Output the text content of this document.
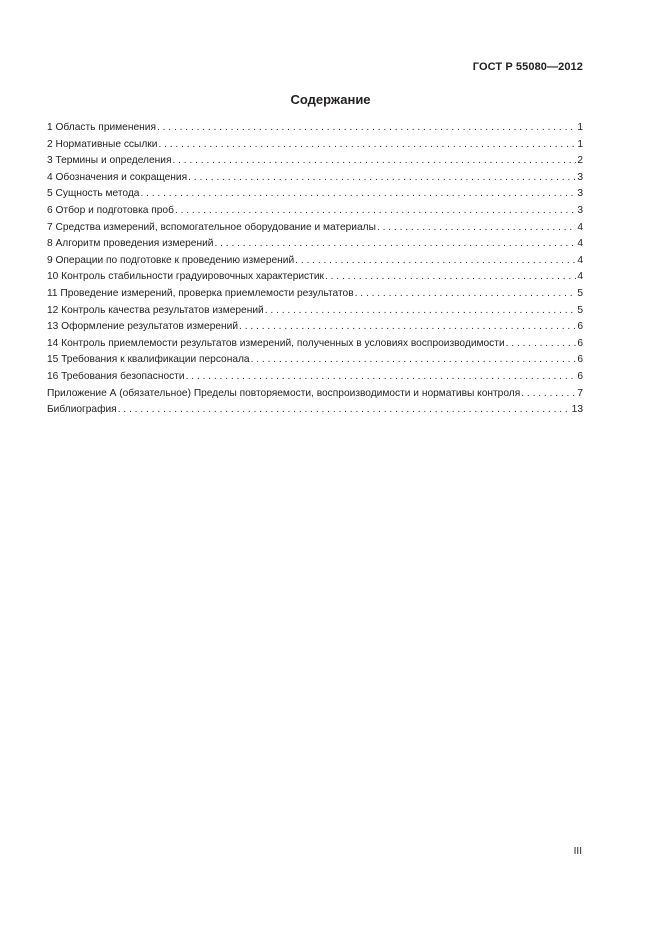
ГОСТ Р 55080—2012
Содержание
1 Область применения . . .	1
2 Нормативные ссылки . . .	1
3 Термины и определения . . .	2
4 Обозначения и сокращения . . .	3
5 Сущность метода . . .	3
6 Отбор и подготовка проб . . .	3
7 Средства измерений, вспомогательное оборудование и материалы . . .	4
8 Алгоритм проведения измерений . . .	4
9 Операции по подготовке к проведению измерений . . .	4
10 Контроль стабильности градуировочных характеристик . . .	4
11 Проведение измерений, проверка приемлемости результатов . . .	5
12 Контроль качества результатов измерений . . .	5
13 Оформление результатов измерений . . .	6
14 Контроль приемлемости результатов измерений, полученных в условиях воспроизводимости . . .	6
15 Требования к квалификации персонала . . .	6
16 Требования безопасности . . .	6
Приложение А (обязательное) Пределы повторяемости, воспроизводимости и нормативы контроля . . .	7
Библиография . . .	13
III
